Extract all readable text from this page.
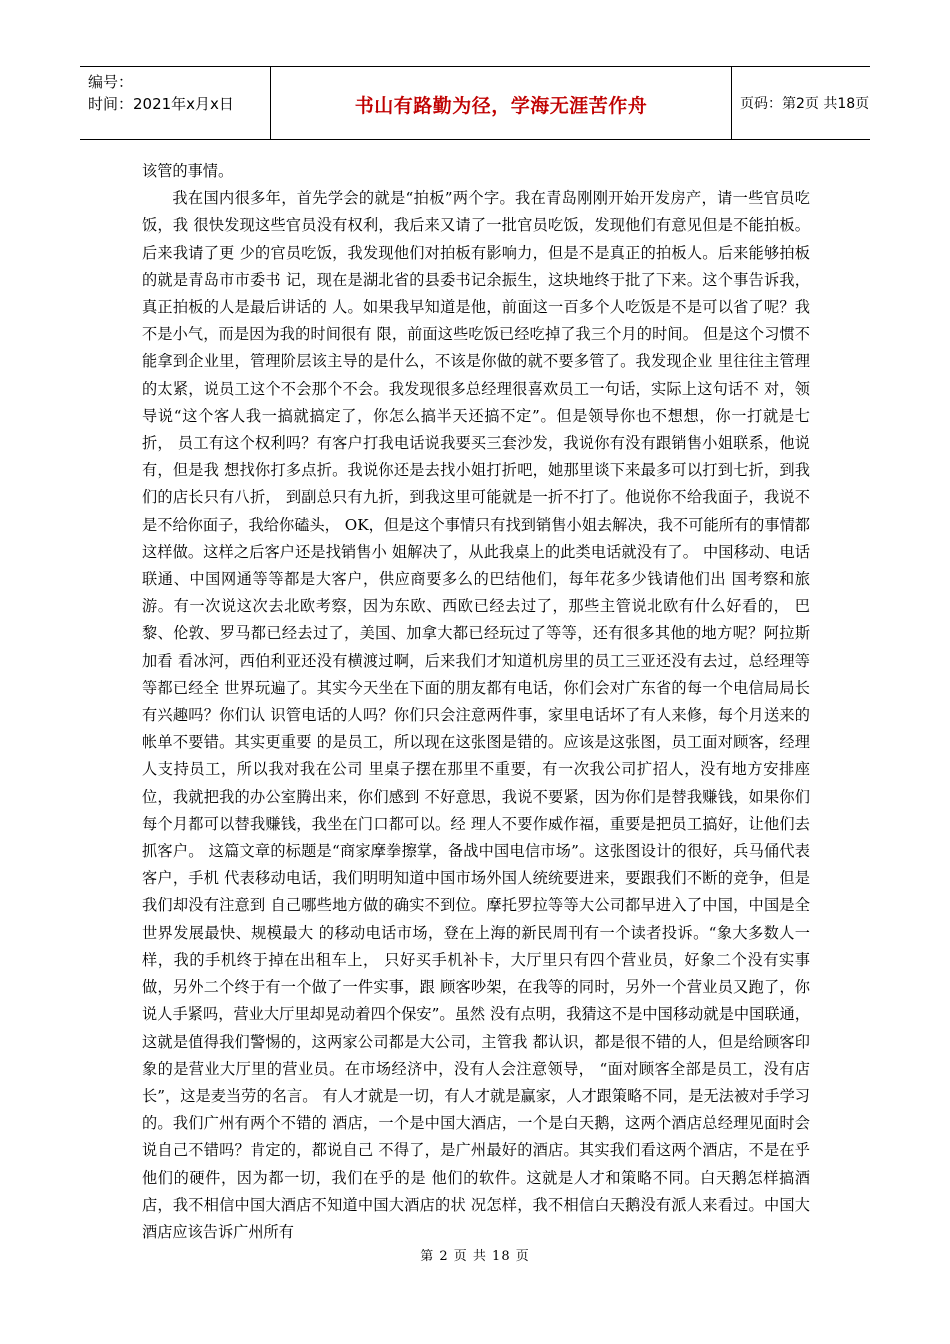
编号：
时间：2021年x月x日	书山有路勤为径，学海无涯苦作舟	页码：第2页 共18页

该管的事情。

我在国内很多年，首先学会的就是“拍板”两个字。我在青岛刚刚开始开发房产，请一些官员吃饭，我 很快发现这些官员没有权利，我后来又请了一批官员吃饭，发现他们有意见但是不能拍板。后来我请了更 少的官员吃饭，我发现他们对拍板有影响力，但是不是真正的拍板人。后来能够拍板的就是青岛市市委书 记，现在是湖北省的县委书记余振生，这块地终于批了下来。这个事告诉我，真正拍板的人是最后讲话的 人。如果我早知道是他，前面这一百多个人吃饭是不是可以省了呢？我不是小气，而是因为我的时间很有 限，前面这些吃饭已经吃掉了我三个月的时间。 但是这个习惯不能拿到企业里，管理阶层该主导的是什么，不该是你做的就不要多管了。我发现企业 里往往主管理的太紧，说员工这个不会那个不会。我发现很多总经理很喜欢员工一句话，实际上这句话不 对，领导说“这个客人我一搞就搞定了，你怎么搞半天还搞不定”。但是领导你也不想想，你一打就是七折， 员工有这个权利吗？有客户打我电话说我要买三套沙发，我说你有没有跟销售小姐联系，他说有，但是我 想找你打多点折。我说你还是去找小姐打折吧，她那里谈下来最多可以打到七折，到我们的店长只有八折， 到副总只有九折，到我这里可能就是一折不打了。他说你不给我面子，我说不是不给你面子，我给你磕头， OK，但是这个事情只有找到销售小姐去解决，我不可能所有的事情都这样做。这样之后客户还是找销售小 姐解决了，从此我桌上的此类电话就没有了。 中国移动、电话联通、中国网通等等都是大客户，供应商要多么的巴结他们，每年花多少钱请他们出 国考察和旅游。有一次说这次去北欧考察，因为东欧、西欧已经去过了，那些主管说北欧有什么好看的， 巴黎、伦敦、罗马都已经去过了，美国、加拿大都已经玩过了等等，还有很多其他的地方呢？阿拉斯加看 看冰河，西伯利亚还没有横渡过啊，后来我们才知道机房里的员工三亚还没有去过，总经理等等都已经全 世界玩遍了。其实今天坐在下面的朋友都有电话，你们会对广东省的每一个电信局局长有兴趣吗？你们认 识管电话的人吗？你们只会注意两件事，家里电话坏了有人来修，每个月送来的帐单不要错。其实更重要 的是员工，所以现在这张图是错的。应该是这张图，员工面对顾客，经理人支持员工，所以我对我在公司 里桌子摆在那里不重要，有一次我公司扩招人，没有地方安排座位，我就把我的办公室腾出来，你们感到 不好意思，我说不要紧，因为你们是替我赚钱，如果你们每个月都可以替我赚钱，我坐在门口都可以。经 理人不要作威作福，重要是把员工搞好，让他们去抓客户。 这篇文章的标题是“商家摩拳擦掌，备战中国电信市场”。这张图设计的很好，兵马俑代表客户，手机 代表移动电话，我们明明知道中国市场外国人统统要进来，要跟我们不断的竞争，但是我们却没有注意到 自己哪些地方做的确实不到位。摩托罗拉等等大公司都早进入了中国，中国是全世界发展最快、规模最大 的移动电话市场，登在上海的新民周刊有一个读者投诉。“象大多数人一样，我的手机终于掉在出租车上， 只好买手机补卡，大厅里只有四个营业员，好象二个没有实事做，另外二个终于有一个做了一件实事，跟 顾客吵架，在我等的同时，另外一个营业员又跑了，你说人手紧吗，营业大厅里却晃动着四个保安”。虽然 没有点明，我猜这不是中国移动就是中国联通，这就是值得我们警惕的，这两家公司都是大公司，主管我 都认识，都是很不错的人，但是给顾客印象的是营业大厅里的营业员。在市场经济中，没有人会注意领导， “面对顾客全部是员工，没有店长”，这是麦当劳的名言。 有人才就是一切，有人才就是赢家，人才跟策略不同，是无法被对手学习的。我们广州有两个不错的 酒店，一个是中国大酒店，一个是白天鹅，这两个酒店总经理见面时会说自己不错吗？肯定的，都说自己 不得了，是广州最好的酒店。其实我们看这两个酒店，不是在乎他们的硬件，因为都一切，我们在乎的是 他们的软件。这就是人才和策略不同。白天鹅怎样搞酒店，我不相信中国大酒店不知道中国大酒店的状 况怎样，我不相信白天鹅没有派人来看过。中国大酒店应该告诉广州所有

第 2 页 共 18 页
